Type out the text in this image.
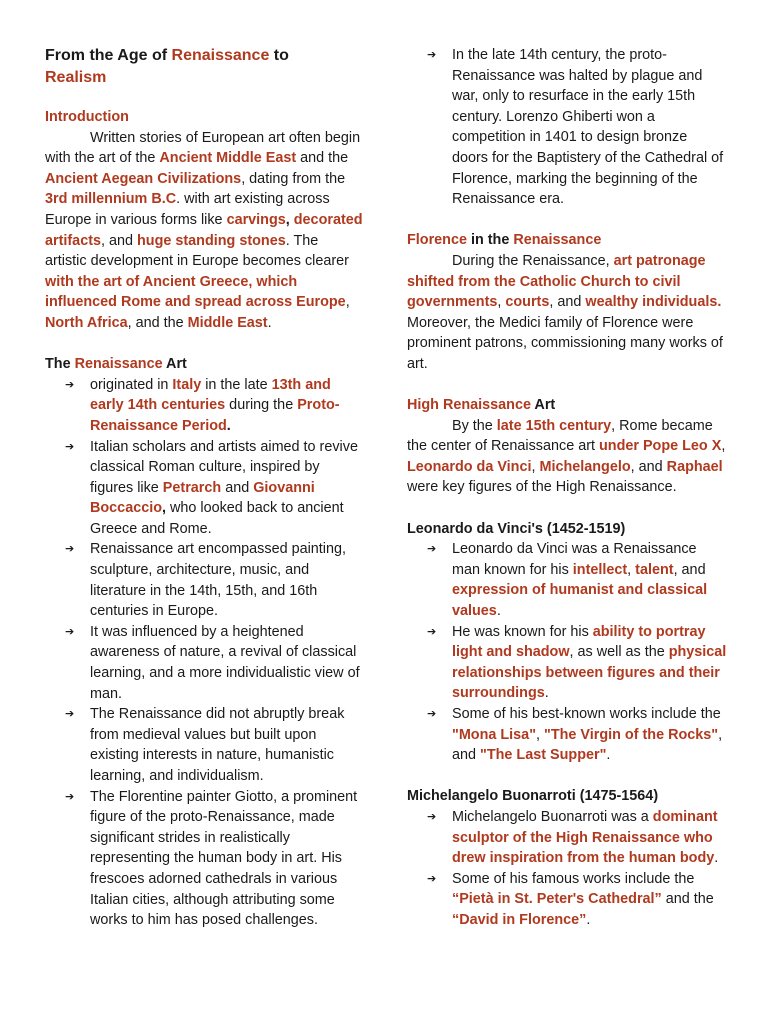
From the Age of Renaissance to
Realism
Introduction

Written stories of European art often begin with the art of the Ancient Middle East and the Ancient Aegean Civilizations, dating from the 3rd millennium B.C. with art existing across Europe in various forms like carvings, decorated artifacts, and huge standing stones. The artistic development in Europe becomes clearer with the art of Ancient Greece, which influenced Rome and spread across Europe, North Africa, and the Middle East.

The Renaissance Art
➔ originated in Italy in the late 13th and early 14th centuries during the Proto-Renaissance Period.
➔ Italian scholars and artists aimed to revive classical Roman culture, inspired by figures like Petrarch and Giovanni Boccaccio, who looked back to ancient Greece and Rome.
➔ Renaissance art encompassed painting, sculpture, architecture, music, and literature in the 14th, 15th, and 16th centuries in Europe.
➔ It was influenced by a heightened awareness of nature, a revival of classical learning, and a more individualistic view of man.
➔ The Renaissance did not abruptly break from medieval values but built upon existing interests in nature, humanistic learning, and individualism.
➔ The Florentine painter Giotto, a prominent figure of the proto-Renaissance, made significant strides in realistically representing the human body in art. His frescoes adorned cathedrals in various Italian cities, although attributing some works to him has posed challenges.
➔ In the late 14th century, the proto-Renaissance was halted by plague and war, only to resurface in the early 15th century. Lorenzo Ghiberti won a competition in 1401 to design bronze doors for the Baptistery of the Cathedral of Florence, marking the beginning of the Renaissance era.
Florence in the Renaissance

During the Renaissance, art patronage shifted from the Catholic Church to civil governments, courts, and wealthy individuals. Moreover, the Medici family of Florence were prominent patrons, commissioning many works of art.

High Renaissance Art

By the late 15th century, Rome became the center of Renaissance art under Pope Leo X, Leonardo da Vinci, Michelangelo, and Raphael were key figures of the High Renaissance.

Leonardo da Vinci's (1452-1519)
➔ Leonardo da Vinci was a Renaissance man known for his intellect, talent, and expression of humanist and classical values.
➔ He was known for his ability to portray light and shadow, as well as the physical relationships between figures and their surroundings.
➔ Some of his best-known works include the "Mona Lisa", "The Virgin of the Rocks", and "The Last Supper".
Michelangelo Buonarroti (1475-1564)
➔ Michelangelo Buonarroti was a dominant sculptor of the High Renaissance who drew inspiration from the human body.
➔ Some of his famous works include the “Pietà in St. Peter's Cathedral” and the “David in Florence”.
